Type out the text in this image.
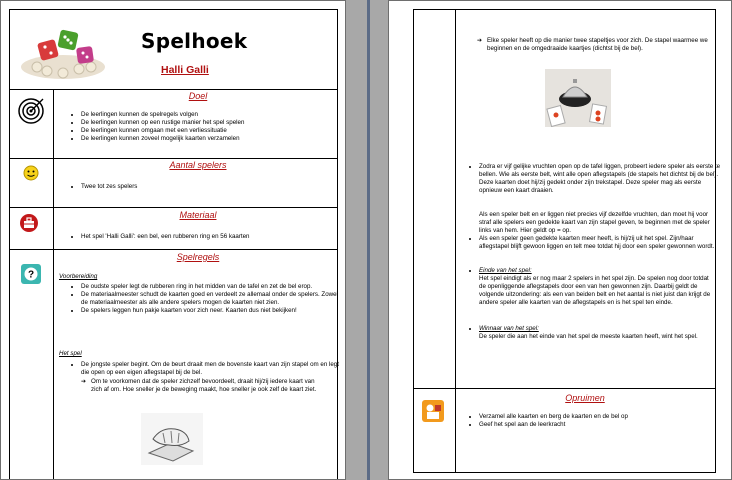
Spelhoek
Halli Galli
Doel
• De leerlingen kunnen de spelregels volgen
• De leerlingen kunnen op een rustige manier het spel spelen
• De leerlingen kunnen omgaan met een verliessituatie
• De leerlingen kunnen zoveel mogelijk kaarten verzamelen
Aantal spelers
• Twee tot zes spelers
Materiaal
• Het spel 'Halli Galli': een bel, een rubberen ring en 56 kaarten
?
Spelregels
Voorbereiding
• De oudste speler legt de rubberen ring in het midden van de tafel en zet de bel erop.
• De materiaalmeester schudt de kaarten goed en verdeelt ze allemaal onder de spelers. Zowel de materiaalmeester als alle andere spelers mogen de kaarten niet zien.
• De spelers leggen hun pakje kaarten voor zich neer. Kaarten dus niet bekijken!
Het spel
• De jongste speler begint. Om de beurt draait men de bovenste kaart van zijn stapel om en legt die open op een eigen aflegstapel bij de bel.
➔ Om te voorkomen dat de speler zichzelf bevoordeelt, draait hij/zij iedere kaart van zich af om. Hoe sneller je de beweging maakt, hoe sneller je ook zelf de kaart ziet.
➔ Elke speler heeft op die manier twee stapeltjes voor zich. De stapel waarmee we beginnen en de omgedraaide kaartjes (dichtst bij de bel).
• Zodra er vijf gelijke vruchten open op de tafel liggen, probeert iedere speler als eerste te bellen. Wie als eerste belt, wint alle open aflegstapels (de stapels het dichtst bij de bel). Deze kaarten doet hij/zij gedekt onder zijn trekstapel. Deze speler mag als eerste opnieuw een kaart draaien.
Als een speler belt en er liggen niet precies vijf dezelfde vruchten, dan moet hij voor straf alle spelers een gedekte kaart van zijn stapel geven, te beginnen met de speler links van hem. Hier geldt op = op.
• Als een speler geen gedekte kaarten meer heeft, is hij/zij uit het spel. Zijn/haar aflegstapel blijft gewoon liggen en telt mee totdat hij door een speler gewonnen wordt.
• Einde van het spel:
Het spel eindigt als er nog maar 2 spelers in het spel zijn. De spelen nog door totdat de openliggende aflegstapels door een van hen gewonnen zijn. Daarbij geldt de volgende uitzondering: als een van beiden belt en het aantal is niet juist dan krijgt de andere speler alle kaarten van de aflegstapels en is het spel ten einde.
• Winnaar van het spel:
De speler die aan het einde van het spel de meeste kaarten heeft, wint het spel.
Opruimen
• Verzamel alle kaarten en berg de kaarten en de bel op
• Geef het spel aan de leerkracht
